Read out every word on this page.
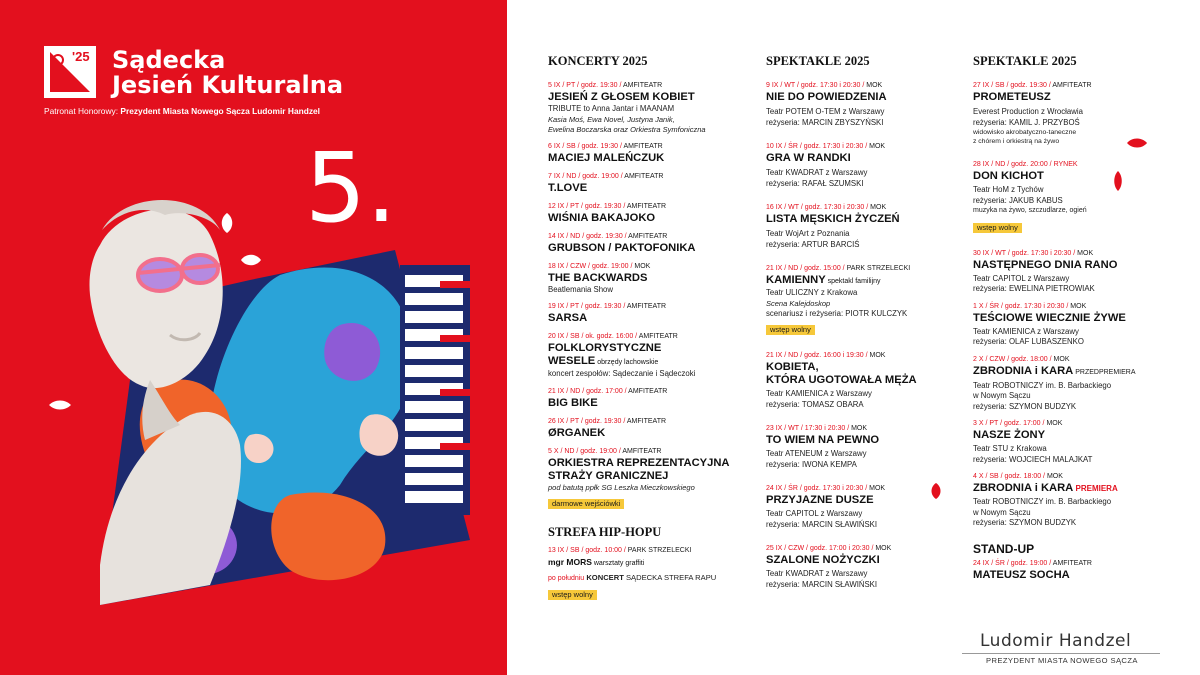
'25 Sądecka
Jesień Kulturalna
Patronat Honorowy: Prezydent Miasta Nowego Sącza Ludomir Handzel
5.
KONCERTY 2025
5 IX / PT / godz. 19:30 / AMFITEATR
JESIEŃ Z GŁOSEM KOBIET
TRIBUTE to Anna Jantar i MAANAM
Kasia Moś, Ewa Novel, Justyna Janik,
Ewelina Boczarska oraz Orkiestra Symfoniczna
6 IX / SB / godz. 19:30 / AMFITEATR
MACIEJ MALEŃCZUK
7 IX / ND / godz. 19:00 / AMFITEATR
T.LOVE
12 IX / PT / godz. 19:30 / AMFITEATR
WIŚNIA BAKAJOKO
14 IX / ND / godz. 19:30 / AMFITEATR
GRUBSON / PAKTOFONIKA
18 IX / CZW / godz. 19:00 / MOK
THE BACKWARDS
Beatlemania Show
19 IX / PT / godz. 19:30 / AMFITEATR
SARSA
20 IX / SB / ok. godz. 16:00 / AMFITEATR
FOLKLORYSTYCZNE
WESELE obrzędy lachowskie
koncert zespołów: Sądeczanie i Sądeczoki
21 IX / ND / godz. 17:00 / AMFITEATR
BIG BIKE
26 IX / PT / godz. 19:30 / AMFITEATR
ØRGANEK
5 X / ND / godz. 19:00 / AMFITEATR
ORKIESTRA REPREZENTACYJNA
STRAŻY GRANICZNEJ
pod batutą ppłk SG Leszka Mieczkowskiego
darmowe wejściówki
STREFA HIP-HOPU
13 IX / SB / godz. 10:00 / PARK STRZELECKI
mgr MORS warsztaty graffiti
po południu KONCERT SĄDECKA STREFA RAPU
wstęp wolny
SPEKTAKLE 2025
9 IX / WT / godz. 17:30 i 20:30 / MOK
NIE DO POWIEDZENIA
Teatr POTEM O-TEM z Warszawy
reżyseria: MARCIN ZBYSZYŃSKI
10 IX / ŚR / godz. 17:30 i 20:30 / MOK
GRA W RANDKI
Teatr KWADRAT z Warszawy
reżyseria: RAFAŁ SZUMSKI
16 IX / WT / godz. 17:30 i 20:30 / MOK
LISTA MĘSKICH ŻYCZEŃ
Teatr WojArt z Poznania
reżyseria: ARTUR BARCIŚ
21 IX / ND / godz. 15:00 / PARK STRZELECKI
KAMIENNY spektakl familijny
Teatr ULICZNY z Krakowa
Scena Kalejdoskop
scenariusz i reżyseria: PIOTR KULCZYK
wstęp wolny
21 IX / ND / godz. 16:00 i 19:30 / MOK
KOBIETA,
KTÓRA UGOTOWAŁA MĘŻA
Teatr KAMIENICA z Warszawy
reżyseria: TOMASZ OBARA
23 IX / WT / 17:30 i 20:30 / MOK
TO WIEM NA PEWNO
Teatr ATENEUM z Warszawy
reżyseria: IWONA KEMPA
24 IX / ŚR / godz. 17:30 i 20:30 / MOK
PRZYJAZNE DUSZE
Teatr CAPITOL z Warszawy
reżyseria: MARCIN SŁAWIŃSKI
25 IX / CZW / godz. 17:00 i 20:30 / MOK
SZALONE NOŻYCZKI
Teatr KWADRAT z Warszawy
reżyseria: MARCIN SŁAWIŃSKI
SPEKTAKLE 2025
27 IX / SB / godz. 19:30 / AMFITEATR
PROMETEUSZ
Everest Production z Wrocławia
reżyseria: KAMIL J. PRZYBOŚ
widowisko akrobatyczno-taneczne
z chórem i orkiestrą na żywo
28 IX / ND / godz. 20:00 / RYNEK
DON KICHOT
Teatr HoM z Tychów
reżyseria: JAKUB KABUS
muzyka na żywo, szczudlarze, ogień
wstęp wolny
30 IX / WT / godz. 17:30 i 20:30 / MOK
NASTĘPNEGO DNIA RANO
Teatr CAPITOL z Warszawy
reżyseria: EWELINA PIETROWIAK
1 X / ŚR / godz. 17:30 i 20:30 / MOK
TEŚCIOWE WIECZNIE ŻYWE
Teatr KAMIENICA z Warszawy
reżyseria: OLAF LUBASZENKO
2 X / CZW / godz. 18:00 / MOK
ZBRODNIA i KARA PRZEDPREMIERA
Teatr ROBOTNICZY im. B. Barbackiego
w Nowym Sączu
reżyseria: SZYMON BUDZYK
3 X / PT / godz. 17:00 / MOK
NASZE ŻONY
Teatr STU z Krakowa
reżyseria: WOJCIECH MALAJKAT
4 X / SB / godz. 18:00 / MOK
ZBRODNIA i KARA PREMIERA
Teatr ROBOTNICZY im. B. Barbackiego
w Nowym Sączu
reżyseria: SZYMON BUDZYK
STAND-UP
24 IX / ŚR / godz. 19:00 / AMFITEATR
MATEUSZ SOCHA
Ludomir Handzel
PREZYDENT MIASTA NOWEGO SĄCZA
